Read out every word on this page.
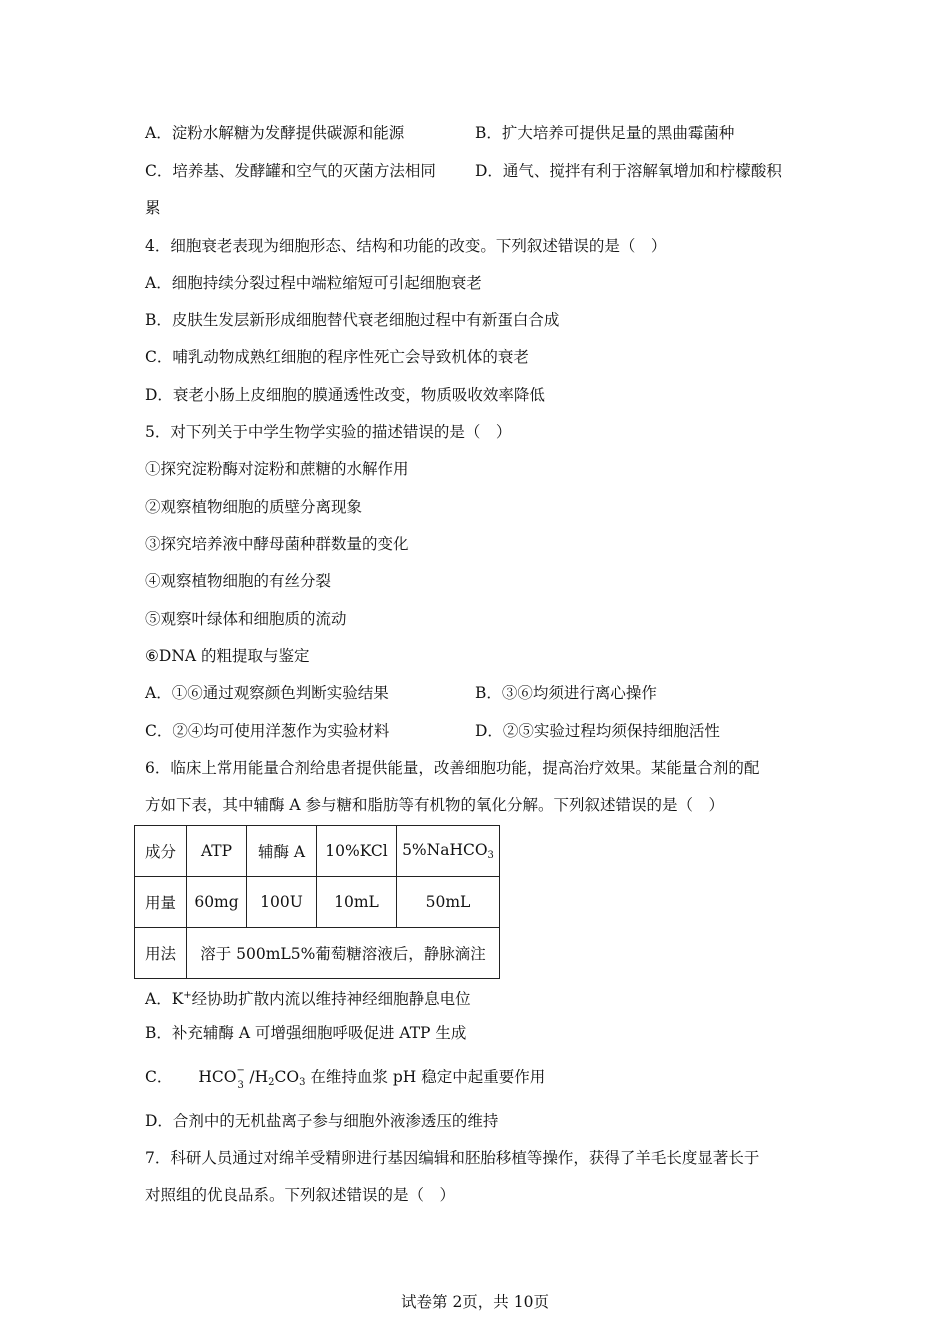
A．淀粉水解糖为发酵提供碳源和能源	B．扩大培养可提供足量的黑曲霉菌种
C．培养基、发酵罐和空气的灭菌方法相同	D．通气、搅拌有利于溶解氧增加和柠檬酸积
累
4．细胞衰老表现为细胞形态、结构和功能的改变。下列叙述错误的是（　）
A．细胞持续分裂过程中端粒缩短可引起细胞衰老
B．皮肤生发层新形成细胞替代衰老细胞过程中有新蛋白合成
C．哺乳动物成熟红细胞的程序性死亡会导致机体的衰老
D．衰老小肠上皮细胞的膜通透性改变，物质吸收效率降低
5．对下列关于中学生物学实验的描述错误的是（　）
①探究淀粉酶对淀粉和蔗糖的水解作用
②观察植物细胞的质壁分离现象
③探究培养液中酵母菌种群数量的变化
④观察植物细胞的有丝分裂
⑤观察叶绿体和细胞质的流动
⑥DNA 的粗提取与鉴定
A．①⑥通过观察颜色判断实验结果	B．③⑥均须进行离心操作
C．②④均可使用洋葱作为实验材料	D．②⑤实验过程均须保持细胞活性
6．临床上常用能量合剂给患者提供能量，改善细胞功能，提高治疗效果。某能量合剂的配
方如下表，其中辅酶 A 参与糖和脂肪等有机物的氧化分解。下列叙述错误的是（　）
成分	ATP	辅酶 A	10%KCl	5%NaHCO$_3$
用量	60mg	100U	10mL	50mL
用法	溶于 500mL5%葡萄糖溶液后，静脉滴注			
A．K+经协助扩散内流以维持神经细胞静息电位
B．补充辅酶 A 可增强细胞呼吸促进 ATP 生成
C． HCO −
3 $/H_2CO_3$ 在维持血浆 pH 稳定中起重要作用
D．合剂中的无机盐离子参与细胞外液渗透压的维持
7．科研人员通过对绵羊受精卵进行基因编辑和胚胎移植等操作，获得了羊毛长度显著长于
对照组的优良品系。下列叙述错误的是（　）
试卷第 2页，共 10页
